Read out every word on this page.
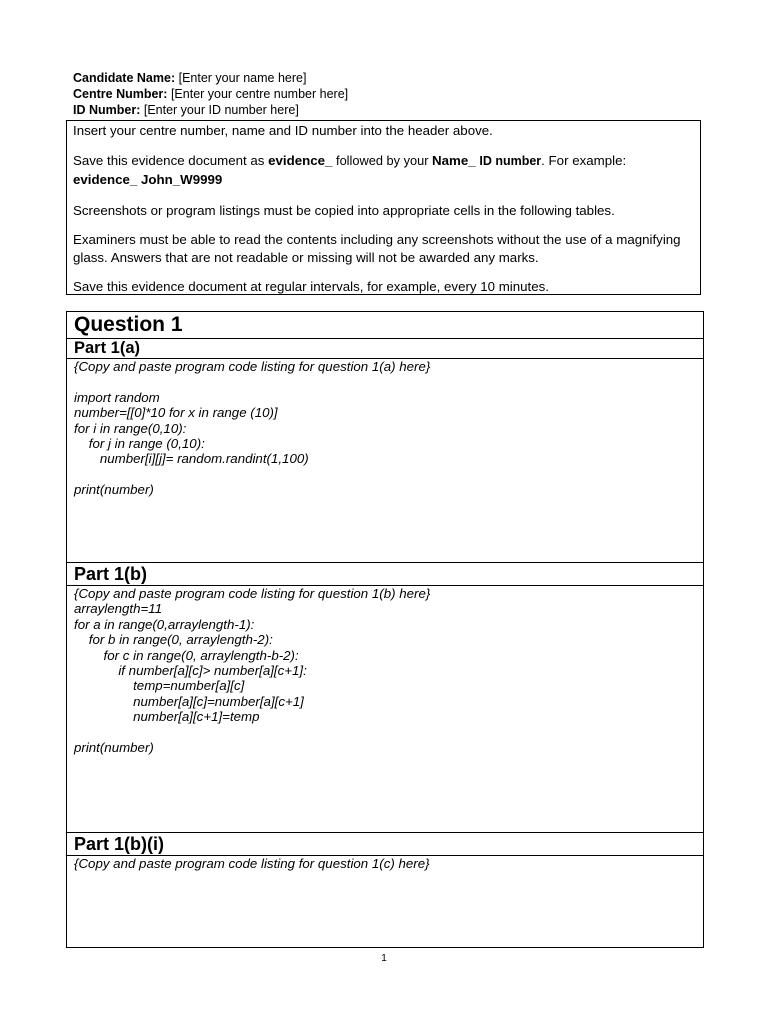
Candidate Name: [Enter your name here]
Centre Number: [Enter your centre number here]
ID Number: [Enter your ID number here]

Insert your centre number, name and ID number into the header above.

Save this evidence document as evidence_ followed by your Name_ ID number. For example:
evidence_ John_W9999

Screenshots or program listings must be copied into appropriate cells in the following tables.

Examiners must be able to read the contents including any screenshots without the use of a magnifying glass. Answers that are not readable or missing will not be awarded any marks.

Save this evidence document at regular intervals, for example, every 10 minutes.

Question 1
Part 1(a)
{Copy and paste program code listing for question 1(a) here}

import random
number=[[0]*10 for x in range (10)]
for i in range(0,10):
for j in range (0,10):
number[i][j]= random.randint(1,100)

print(number)
Part 1(b)
{Copy and paste program code listing for question 1(b) here}
arraylength=11
for a in range(0,arraylength-1):
for b in range(0, arraylength-2):
for c in range(0, arraylength-b-2):
if number[a][c]> number[a][c+1]:
temp=number[a][c]
number[a][c]=number[a][c+1]
number[a][c+1]=temp

print(number)
Part 1(b)(i)
{Copy and paste program code listing for question 1(c) here}
1
